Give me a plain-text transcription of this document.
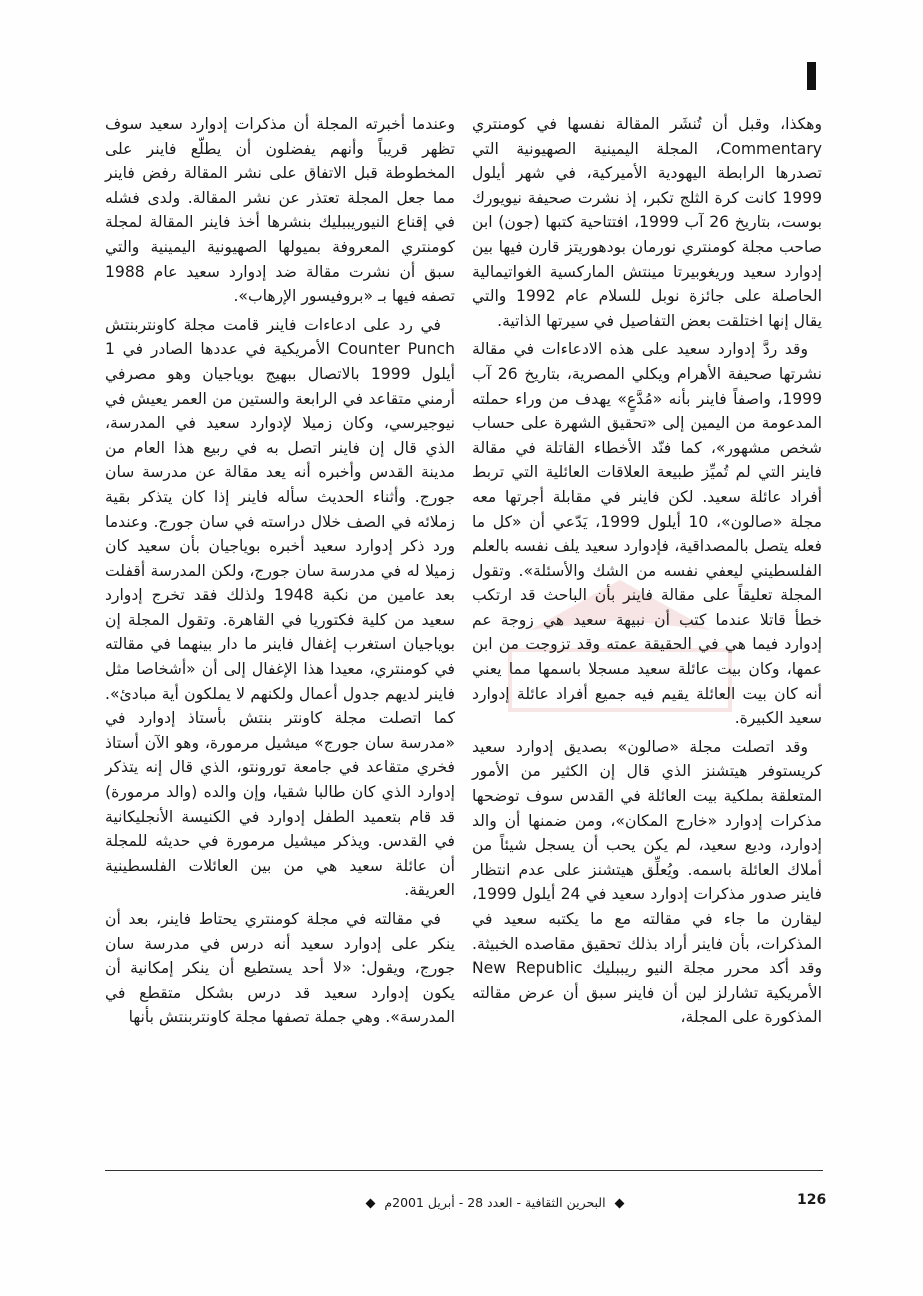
وهكذا، وقبل أن تُنشَر المقالة نفسها في كومنتري Commentary، المجلة اليمينية الصهيونية التي تصدرها الرابطة اليهودية الأميركية، في شهر أيلول 1999 كانت كرة الثلج تكبر، إذ نشرت صحيفة نيويورك بوست، بتاريخ 26 آب 1999، افتتاحية كتبها (جون) ابن صاحب مجلة كومنتري نورمان بودهوريتز قارن فيها بين إدوارد سعيد وريغوبيرتا مينتش الماركسية الغواتيمالية الحاصلة على جائزة نوبل للسلام عام 1992 والتي يقال إنها اختلقت بعض التفاصيل في سيرتها الذاتية.

وقد ردَّ إدوارد سعيد على هذه الادعاءات في مقالة نشرتها صحيفة الأهرام ويكلي المصرية، بتاريخ 26 آب 1999، واصفاً فاينر بأنه «مُدَّعٍ» يهدف من وراء حملته المدعومة من اليمين إلى «تحقيق الشهرة على حساب شخص مشهور»، كما فنّد الأخطاء القاتلة في مقالة فاينر التي لم تُميِّز طبيعة العلاقات العائلية التي تربط أفراد عائلة سعيد. لكن فاينر في مقابلة أجرتها معه مجلة «صالون»، 10 أيلول 1999، يَدّعي أن «كل ما فعله يتصل بالمصداقية، فإدوارد سعيد يلف نفسه بالعلم الفلسطيني ليعفي نفسه من الشك والأسئلة». وتقول المجلة تعليقاً على مقالة فاينر بأن الباحث قد ارتكب خطأ قاتلا عندما كتب أن نبيهة سعيد هي زوجة عم إدوارد فيما هي في الحقيقة عمته وقد تزوجت من ابن عمها، وكان بيت عائلة سعيد مسجلا باسمها مما يعني أنه كان بيت العائلة يقيم فيه جميع أفراد عائلة إدوارد سعيد الكبيرة.

وقد اتصلت مجلة «صالون» بصديق إدوارد سعيد كريستوفر هيتشنز الذي قال إن الكثير من الأمور المتعلقة بملكية بيت العائلة في القدس سوف توضحها مذكرات إدوارد «خارج المكان»، ومن ضمنها أن والد إدوارد، وديع سعيد، لم يكن يحب أن يسجل شيئاً من أملاك العائلة باسمه. ويُعلِّق هيتشنز على عدم انتظار فاينر صدور مذكرات إدوارد سعيد في 24 أيلول 1999، ليقارن ما جاء في مقالته مع ما يكتبه سعيد في المذكرات، بأن فاينر أراد بذلك تحقيق مقاصده الخبيثة. وقد أكد محرر مجلة النيو ريببليك New Republic الأمريكية تشارلز لين أن فاينر سبق أن عرض مقالته المذكورة على المجلة،

وعندما أخبرته المجلة أن مذكرات إدوارد سعيد سوف تظهر قريباً وأنهم يفضلون أن يطلّع فاينر على المخطوطة قبل الاتفاق على نشر المقالة رفض فاينر مما جعل المجلة تعتذر عن نشر المقالة. ولدى فشله في إقناع النيوريببليك بنشرها أخذ فاينر المقالة لمجلة كومنتري المعروفة بميولها الصهيونية اليمينية والتي سبق أن نشرت مقالة ضد إدوارد سعيد عام 1988 تصفه فيها بـ «بروفيسور الإرهاب».

في رد على ادعاءات فاينر قامت مجلة كاونتربنتش Counter Punch الأمريكية في عددها الصادر في 1 أيلول 1999 بالاتصال ببهيج بوياجيان وهو مصرفي أرمني متقاعد في الرابعة والستين من العمر يعيش في نيوجيرسي، وكان زميلا لإدوارد سعيد في المدرسة، الذي قال إن فاينر اتصل به في ربيع هذا العام من مدينة القدس وأخبره أنه يعد مقالة عن مدرسة سان جورج. وأثناء الحديث سأله فاينر إذا كان يتذكر بقية زملائه في الصف خلال دراسته في سان جورج. وعندما ورد ذكر إدوارد سعيد أخبره بوياجيان بأن سعيد كان زميلا له في مدرسة سان جورج، ولكن المدرسة أقفلت بعد عامين من نكبة 1948 ولذلك فقد تخرج إدوارد سعيد من كلية فكتوريا في القاهرة. وتقول المجلة إن بوياجيان استغرب إغفال فاينر ما دار بينهما في مقالته في كومنتري، معيدا هذا الإغفال إلى أن «أشخاصا مثل فاينر لديهم جدول أعمال ولكنهم لا يملكون أية مبادئ». كما اتصلت مجلة كاونتر بنتش بأستاذ إدوارد في «مدرسة سان جورج» ميشيل مرمورة، وهو الآن أستاذ فخري متقاعد في جامعة تورونتو، الذي قال إنه يتذكر إدوارد الذي كان طالبا شقيا، وإن والده (والد مرمورة) قد قام بتعميد الطفل إدوارد في الكنيسة الأنجليكانية في القدس. ويذكر ميشيل مرمورة في حديثه للمجلة أن عائلة سعيد هي من بين العائلات الفلسطينية العريقة.

في مقالته في مجلة كومنتري يحتاط فاينر، بعد أن ينكر على إدوارد سعيد أنه درس في مدرسة سان جورج، ويقول: «لا أحد يستطيع أن ينكر إمكانية أن يكون إدوارد سعيد قد درس بشكل متقطع في المدرسة». وهي جملة تصفها مجلة كاونتربنتش بأنها

126
البحرين الثقافية - العدد 28 - أبريل 2001م
